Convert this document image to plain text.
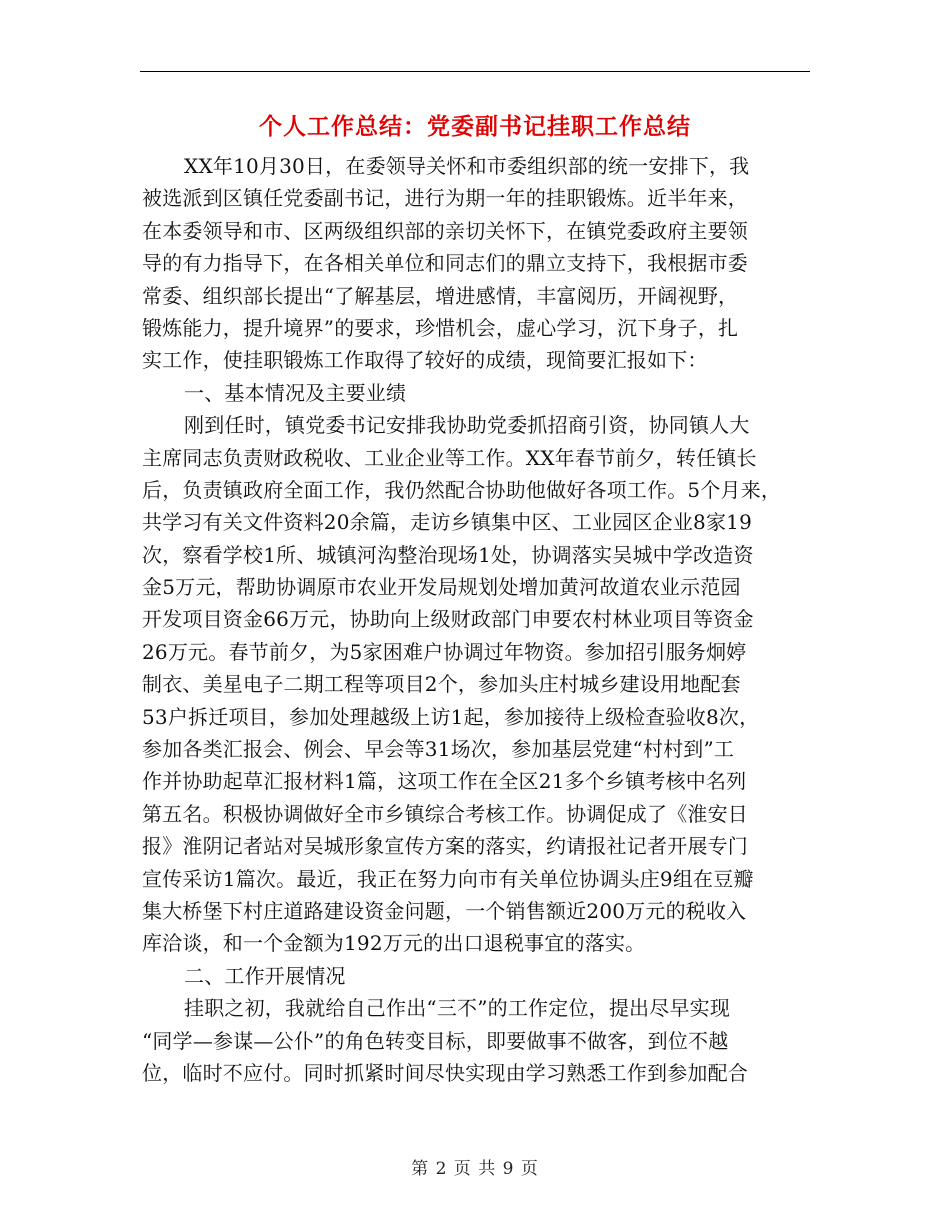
个人工作总结：党委副书记挂职工作总结
XX年10月30日，在委领导关怀和市委组织部的统一安排下，我
被选派到区镇任党委副书记，进行为期一年的挂职锻炼。近半年来，
在本委领导和市、区两级组织部的亲切关怀下，在镇党委政府主要领
导的有力指导下，在各相关单位和同志们的鼎立支持下，我根据市委
常委、组织部长提出“了解基层，增进感情，丰富阅历，开阔视野，
锻炼能力，提升境界”的要求，珍惜机会，虚心学习，沉下身子，扎
实工作，使挂职锻炼工作取得了较好的成绩，现简要汇报如下：
一、基本情况及主要业绩
刚到任时，镇党委书记安排我协助党委抓招商引资，协同镇人大
主席同志负责财政税收、工业企业等工作。XX年春节前夕，转任镇长
后，负责镇政府全面工作，我仍然配合协助他做好各项工作。5个月来，
共学习有关文件资料20余篇，走访乡镇集中区、工业园区企业8家19
次，察看学校1所、城镇河沟整治现场1处，协调落实吴城中学改造资
金5万元，帮助协调原市农业开发局规划处增加黄河故道农业示范园
开发项目资金66万元，协助向上级财政部门申要农村林业项目等资金
26万元。春节前夕，为5家困难户协调过年物资。参加招引服务炯婷
制衣、美星电子二期工程等项目2个，参加头庄村城乡建设用地配套
53户拆迁项目，参加处理越级上访1起，参加接待上级检查验收8次，
参加各类汇报会、例会、早会等31场次，参加基层党建“村村到”工
作并协助起草汇报材料1篇，这项工作在全区21多个乡镇考核中名列
第五名。积极协调做好全市乡镇综合考核工作。协调促成了《淮安日
报》淮阴记者站对吴城形象宣传方案的落实，约请报社记者开展专门
宣传采访1篇次。最近，我正在努力向市有关单位协调头庄9组在豆瓣
集大桥堡下村庄道路建设资金问题，一个销售额近200万元的税收入
库洽谈，和一个金额为192万元的出口退税事宜的落实。
二、工作开展情况
挂职之初，我就给自己作出“三不”的工作定位，提出尽早实现
“同学—参谋—公仆”的角色转变目标，即要做事不做客，到位不越
位，临时不应付。同时抓紧时间尽快实现由学习熟悉工作到参加配合
第 2 页 共 9 页
